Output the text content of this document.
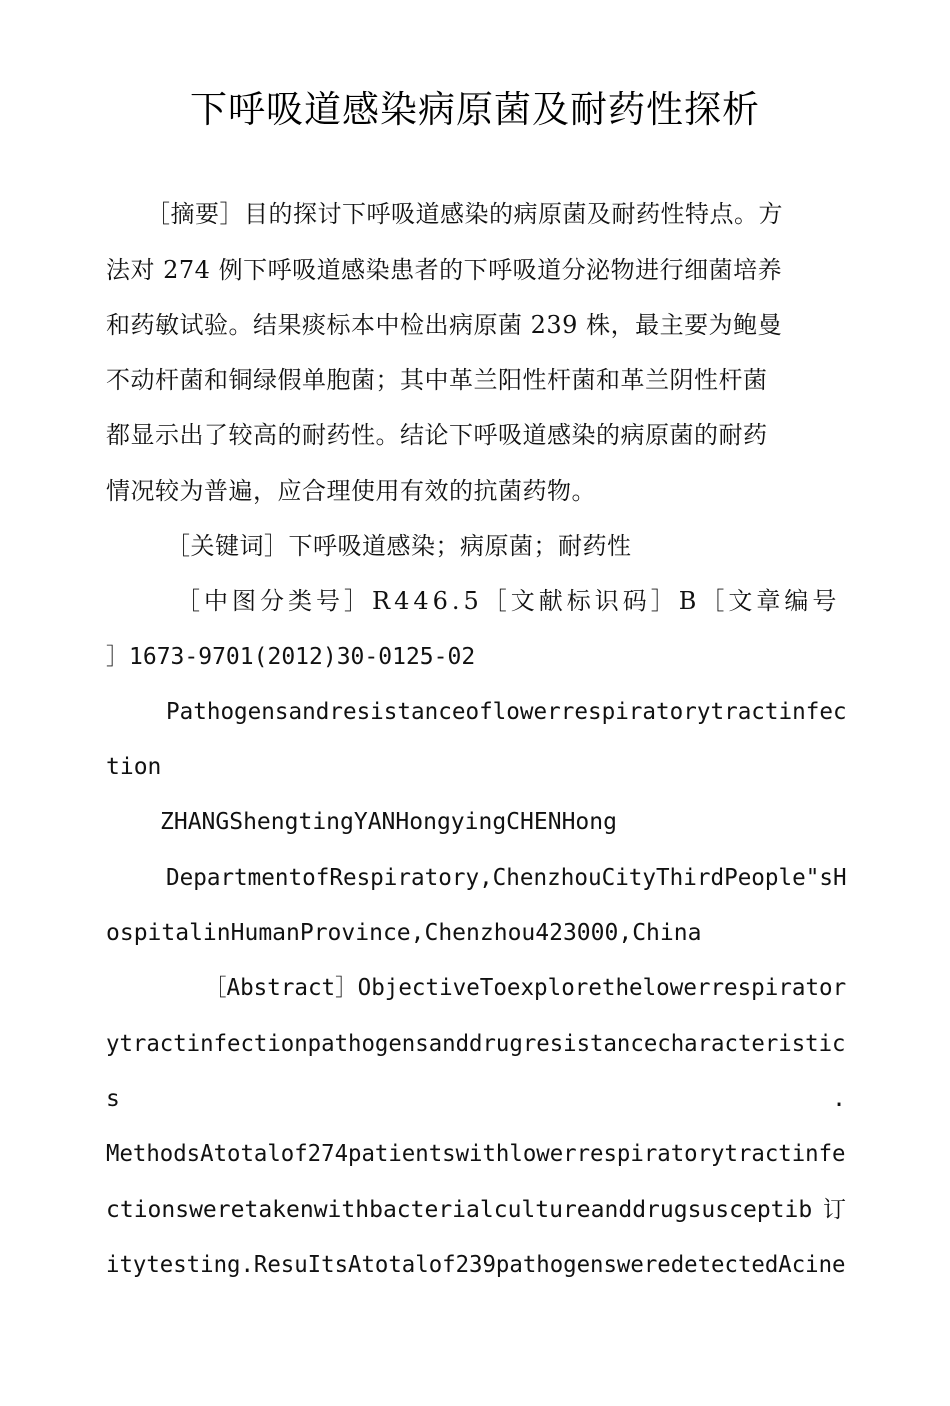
下呼吸道感染病原菌及耐药性探析
［摘要］目的探讨下呼吸道感染的病原菌及耐药性特点。方
法对 274 例下呼吸道感染患者的下呼吸道分泌物进行细菌培养
和药敏试验。结果痰标本中检出病原菌 239 株，最主要为鲍曼
不动杆菌和铜绿假单胞菌；其中革兰阳性杆菌和革兰阴性杆菌
都显示出了较高的耐药性。结论下呼吸道感染的病原菌的耐药
情况较为普遍，应合理使用有效的抗菌药物。
［关键词］下呼吸道感染；病原菌；耐药性
［中图分类号］R446.5［文献标识码］B［文章编号
］1673-9701(2012)30-0125-02
Pathogensandresistanceoflowerrespiratorytractinfec
tion
ZHANGShengtingYANHongyingCHENHong
DepartmentofRespiratory,ChenzhouCityThirdPeople"sH
ospitalinHumanProvince,Chenzhou423000,China
［Abstract］ObjectiveToexplorethelowerrespirator
ytractinfectionpathogensanddrugresistancecharacteristic
s	.
MethodsAtotalof274patientswithlowerrespiratorytractinfe
ctionsweretakenwithbacterialcultureanddrugsusceptib 订
itytesting.ResuItsAtotalof239pathogensweredetectedAcine
